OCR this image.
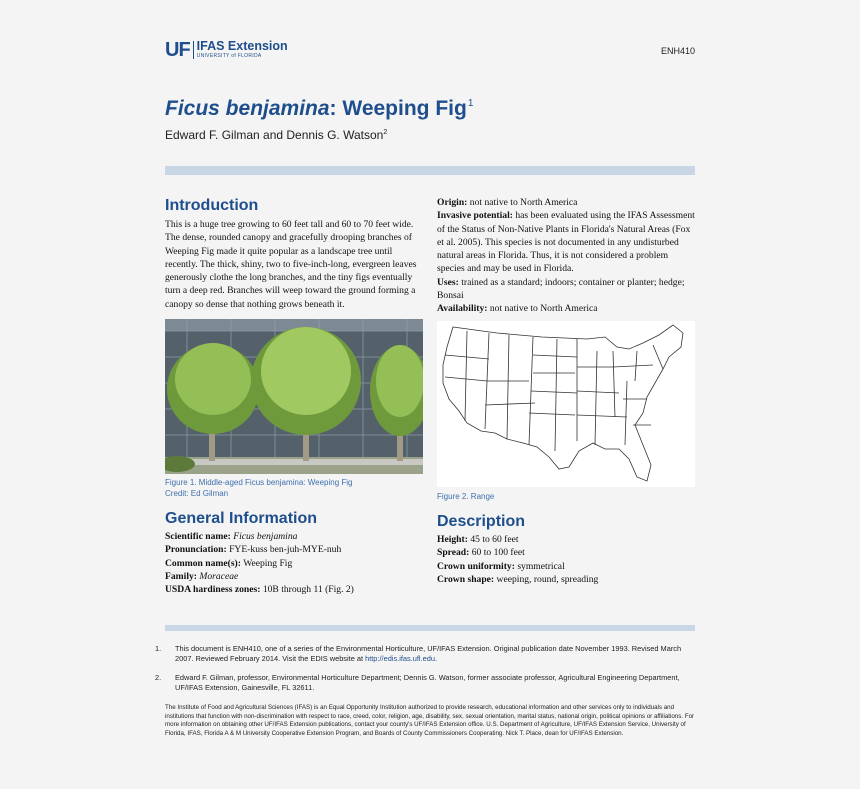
UF IFAS Extension
UNIVERSITY of FLORIDA	ENH410
Ficus benjamina: Weeping Fig$^1$
Edward F. Gilman and Dennis G. Watson$^2$
Introduction
This is a huge tree growing to 60 feet tall and 60 to 70 feet wide. The dense, rounded canopy and gracefully drooping branches of Weeping Fig made it quite popular as a landscape tree until recently. The thick, shiny, two to five-inch-long, evergreen leaves generously clothe the long branches, and the tiny figs eventually turn a deep red. Branches will weep toward the ground forming a canopy so dense that nothing grows beneath it.
Figure 1. Middle-aged Ficus benjamina: Weeping Fig
Credit: Ed Gilman
General Information
Scientific name: Ficus benjamina
Pronunciation: FYE-kuss ben-juh-MYE-nuh
Common name(s): Weeping Fig
Family: Moraceae
USDA hardiness zones: 10B through 11 (Fig. 2)
Origin: not native to North America
Invasive potential: has been evaluated using the IFAS Assessment of the Status of Non-Native Plants in Florida's Natural Areas (Fox et al. 2005). This species is not documented in any undisturbed natural areas in Florida. Thus, it is not considered a problem species and may be used in Florida.
Uses: trained as a standard; indoors; container or planter; hedge; Bonsai
Availability: not native to North America
Figure 2. Range
Description
Height: 45 to 60 feet
Spread: 60 to 100 feet
Crown uniformity: symmetrical
Crown shape: weeping, round, spreading
1. This document is ENH410, one of a series of the Environmental Horticulture, UF/IFAS Extension. Original publication date November 1993. Revised March 2007. Reviewed February 2014. Visit the EDIS website at http://edis.ifas.ufl.edu.
2. Edward F. Gilman, professor, Environmental Horticulture Department; Dennis G. Watson, former associate professor, Agricultural Engineering Department, UF/IFAS Extension, Gainesville, FL 32611.
The Institute of Food and Agricultural Sciences (IFAS) is an Equal Opportunity Institution authorized to provide research, educational information and other services only to individuals and institutions that function with non-discrimination with respect to race, creed, color, religion, age, disability, sex, sexual orientation, marital status, national origin, political opinions or affiliations. For more information on obtaining other UF/IFAS Extension publications, contact your county's UF/IFAS Extension office. U.S. Department of Agriculture, UF/IFAS Extension Service, University of Florida, IFAS, Florida A & M University Cooperative Extension Program, and Boards of County Commissioners Cooperating. Nick T. Place, dean for UF/IFAS Extension.
